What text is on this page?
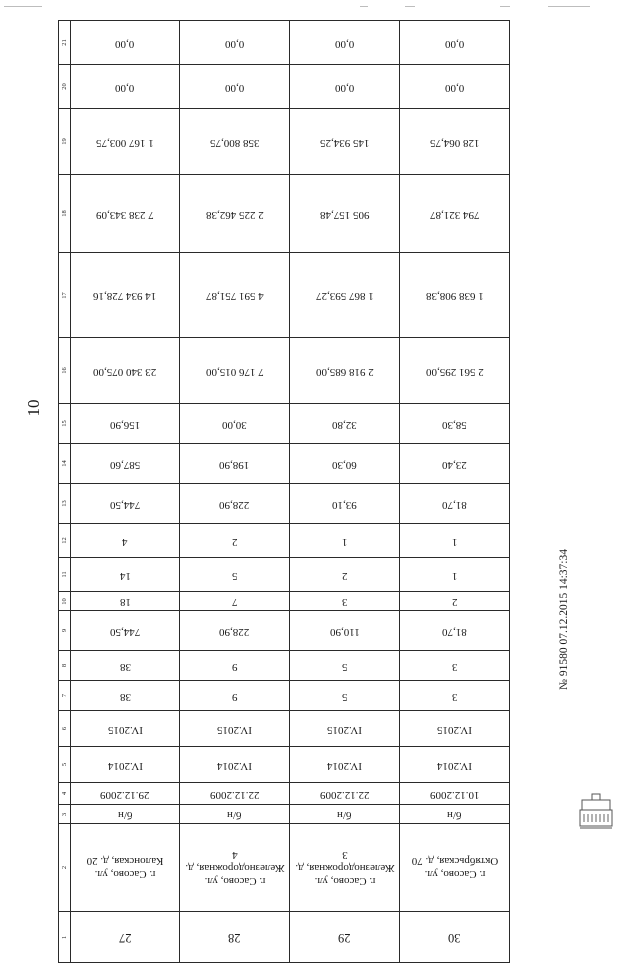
10
21	0,00	0,00	0,00	0,00

20	0,00	0,00	0,00	0,00

19	1 167 003,75	358 800,75	145 934,25	128 064,75

18	7 238 343,09	2 225 462,38	905 157,48	794 321,87

17	14 934 728,16	4 591 751,87	1 867 593,27	1 638 908,38

16	23 340 075,00	7 176 015,00	2 918 685,00	2 561 295,00

15	156,90	30,00	32,80	58,30

14	587,60	198,90	60,30	23,40

13	744,50	228,90	93,10	81,70

12	4	2	1	1

11	14	5	2	1

10	18	7	3	2

9	744,50	228,90	110,90	81,70

8	38	9	5	3

7	38	9	5	3

6	IV.2015	IV.2015	IV.2015	IV.2015

5	IV.2014	IV.2014	IV.2014	IV.2014

4	29.12.2009	22.12.2009	22.12.2009	10.12.2009

3	б/н	б/н	б/н	б/н

2	г. Сасово, ул. Калонская, д. 20	г. Сасово, ул. Железнодорожная, д. 4	г. Сасово, ул. Железнодорожная, д. 3	г. Сасово, ул. Октябрьская, д. 70

1	27	28	29	30
№ 91580 07.12.2015 14:37:34
